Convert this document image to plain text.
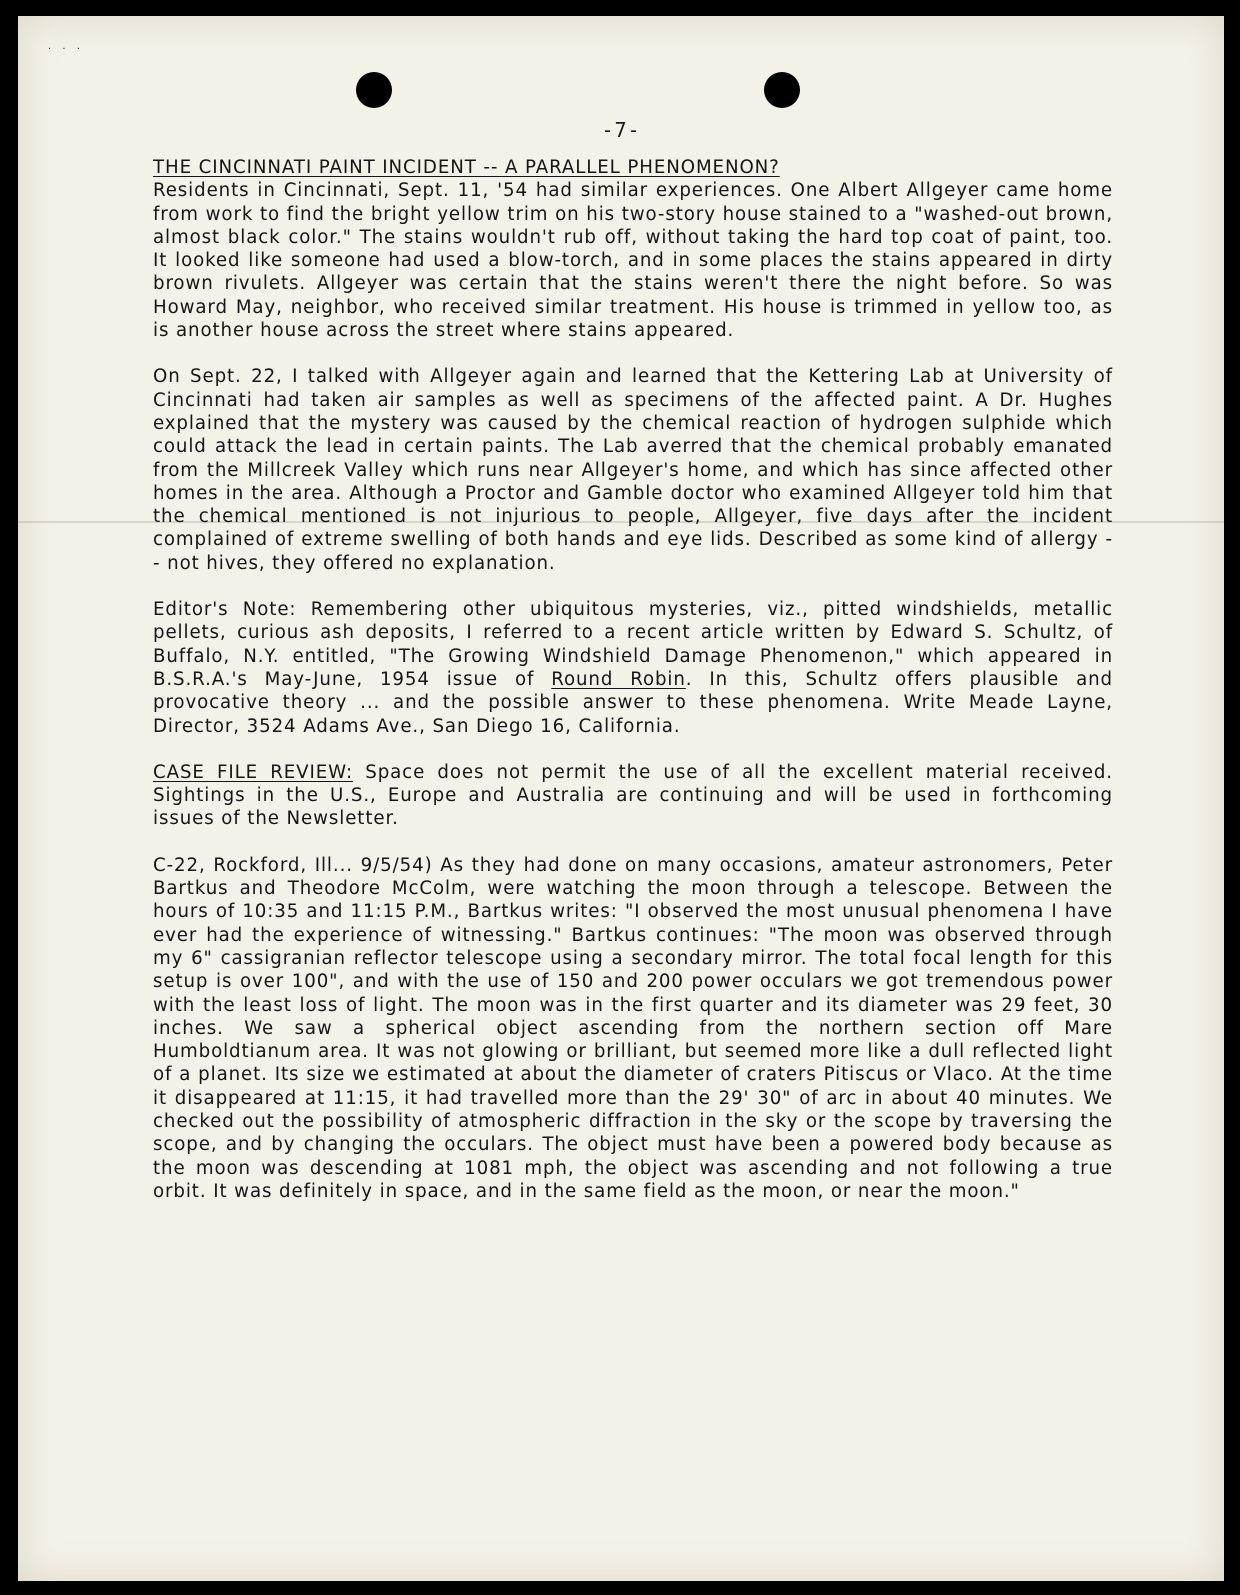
· · ·
-7-

THE CINCINNATI PAINT INCIDENT -- A PARALLEL PHENOMENON?
Residents in Cincinnati, Sept. 11, '54 had similar experiences. One Albert Allgeyer came home from work to find the bright yellow trim on his two-story house stained to a "washed-out brown, almost black color." The stains wouldn't rub off, without taking the hard top coat of paint, too. It looked like someone had used a blow-torch, and in some places the stains appeared in dirty brown rivulets. Allgeyer was certain that the stains weren't there the night before. So was Howard May, neighbor, who received similar treatment. His house is trimmed in yellow too, as is another house across the street where stains appeared.

On Sept. 22, I talked with Allgeyer again and learned that the Kettering Lab at University of Cincinnati had taken air samples as well as specimens of the affected paint. A Dr. Hughes explained that the mystery was caused by the chemical reaction of hydrogen sulphide which could attack the lead in certain paints. The Lab averred that the chemical probably emanated from the Millcreek Valley which runs near Allgeyer's home, and which has since affected other homes in the area. Although a Proctor and Gamble doctor who examined Allgeyer told him that the chemical mentioned is not injurious to people, Allgeyer, five days after the incident complained of extreme swelling of both hands and eye lids. Described as some kind of allergy -- not hives, they offered no explanation.

Editor's Note: Remembering other ubiquitous mysteries, viz., pitted windshields, metallic pellets, curious ash deposits, I referred to a recent article written by Edward S. Schultz, of Buffalo, N.Y. entitled, "The Growing Windshield Damage Phenomenon," which appeared in B.S.R.A.'s May-June, 1954 issue of Round Robin. In this, Schultz offers plausible and provocative theory ... and the possible answer to these phenomena. Write Meade Layne, Director, 3524 Adams Ave., San Diego 16, California.

CASE FILE REVIEW: Space does not permit the use of all the excellent material received. Sightings in the U.S., Europe and Australia are continuing and will be used in forthcoming issues of the Newsletter.

C-22, Rockford, Ill... 9/5/54) As they had done on many occasions, amateur astronomers, Peter Bartkus and Theodore McColm, were watching the moon through a telescope. Between the hours of 10:35 and 11:15 P.M., Bartkus writes: "I observed the most unusual phenomena I have ever had the experience of witnessing." Bartkus continues: "The moon was observed through my 6" cassigranian reflector telescope using a secondary mirror. The total focal length for this setup is over 100", and with the use of 150 and 200 power occulars we got tremendous power with the least loss of light. The moon was in the first quarter and its diameter was 29 feet, 30 inches. We saw a spherical object ascending from the northern section off Mare Humboldtianum area. It was not glowing or brilliant, but seemed more like a dull reflected light of a planet. Its size we estimated at about the diameter of craters Pitiscus or Vlaco. At the time it disappeared at 11:15, it had travelled more than the 29' 30" of arc in about 40 minutes. We checked out the possibility of atmospheric diffraction in the sky or the scope by traversing the scope, and by changing the occulars. The object must have been a powered body because as the moon was descending at 1081 mph, the object was ascending and not following a true orbit. It was definitely in space, and in the same field as the moon, or near the moon."
